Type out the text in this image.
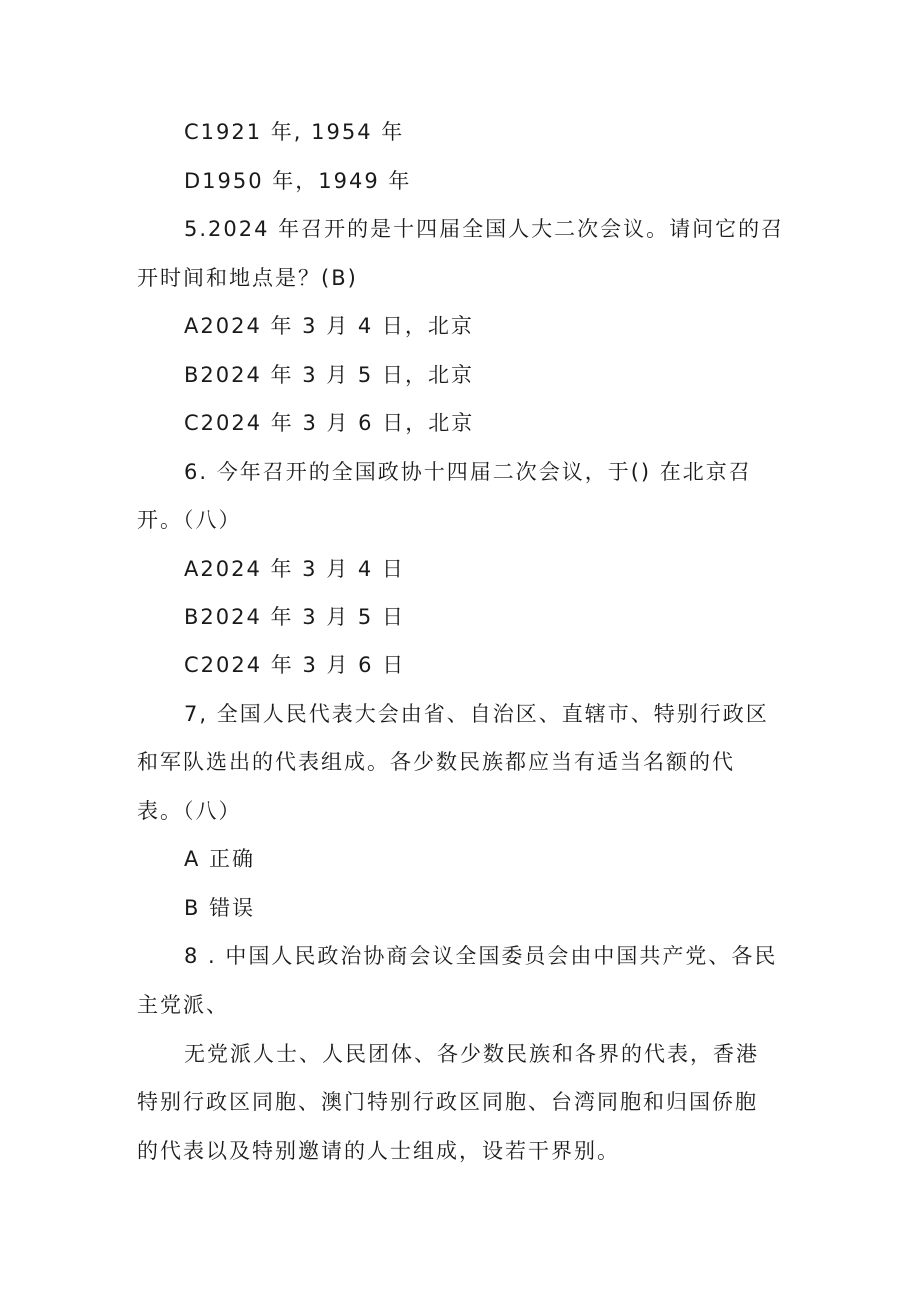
C1921 年, 1954 年
D1950 年，1949 年
5.2024 年召开的是十四届全国人大二次会议。请问它的召
开时间和地点是？(B)
A2024 年 3 月 4 日，北京
B2024 年 3 月 5 日，北京
C2024 年 3 月 6 日，北京
6. 今年召开的全国政协十四届二次会议，于() 在北京召
开。（八）
A2024 年 3 月 4 日
B2024 年 3 月 5 日
C2024 年 3 月 6 日
7, 全国人民代表大会由省、自治区、直辖市、特别行政区
和军队选出的代表组成。各少数民族都应当有适当名额的代
表。（八）
A 正确
B 错误
8 . 中国人民政治协商会议全国委员会由中国共产党、各民
主党派、
无党派人士、人民团体、各少数民族和各界的代表，香港
特别行政区同胞、澳门特别行政区同胞、台湾同胞和归国侨胞
的代表以及特别邀请的人士组成，设若干界别。
